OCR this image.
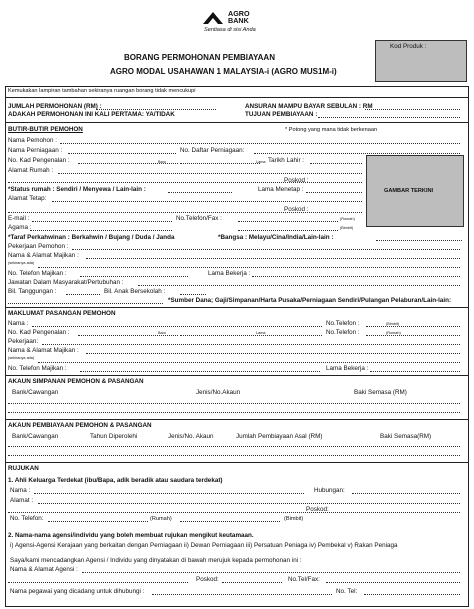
AGRO
BANK
Sentiasa di sisi Anda
Kod Produk :
BORANG PERMOHONAN PEMBIAYAAN
AGRO MODAL USAHAWAN 1 MALAYSIA-i (AGRO MUS1M-i)
Kemukakan lampiran tambahan sekiranya ruangan borang tidak mencukupi
JUMLAH PERMOHONAN (RM) :
ADAKAH PERMOHONAN INI KALI PERTAMA: YA/TIDAK
ANSURAN MAMPU BAYAR SEBULAN : RM
TUJUAN PEMBIAYAAN :
BUTIR-BUTIR PEMOHON	* Potong yang mana tidak berkenaan
Nama Pemohon :
Nama Perniagaan :	No. Daftar Perniagaan:
No. Kad Pengenalan :	Baru	Lama Tarikh Lahir :
Alamat Rumah :
Poskod :
*Status rumah : Sendiri / Menyewa / Lain-lain :	Lama Menetap :
Alamat Tetap:
Poskod :
GAMBAR TERKINI
E-mail :	No.Telefon/Fax :	(Rumah)
Agama :	(Bimbit)
*Taraf Perkahwinan : Berkahwin / Bujang / Duda / Janda	*Bangsa : Melayu/Cina/India/Lain-lain :
Pekerjaan Pemohon :
Nama & Alamat Majikan :
(sekiranya ada)
No. Telefon Majikan :	Lama Bekerja :
Jawatan Dalam Masyarakat/Pertubuhan :
Bil. Tanggungan :	Bil. Anak Bersekolah :
*Sumber Dana; Gaji/Simpanan/Harta Pusaka/Perniagaan Sendiri/Pulangan Pelaburan/Lain-lain:
MAKLUMAT PASANGAN PEMOHON
Nama :	No.Telefon :	(Bimbit)
No. Kad Pengenalan :	Baru	Lama	No.Telefon :	(Rumah)
Pekerjaan:
Nama & Alamat Majikan :
(sekiranya ada)
No. Telefon Majikan :	Lama Bekerja :
AKAUN SIMPANAN PEMOHON & PASANGAN
Bank/Cawangan	Jenis/No.Akaun	Baki Semasa (RM)
AKAUN PEMBIAYAAN PEMOHON & PASANGAN
Bank/Cawangan	Tahun Diperolehi	Jenis/No. Akaun	Jumlah Pembiayaan Asal (RM)	Baki Semasa(RM)
RUJUKAN
1. Ahli Keluarga Terdekat (ibu/Bapa, adik beradik atau saudara terdekat)
Nama :	Hubungan:
Alamat :
Poskod:
No. Telefon:	(Rumah)	(Bimbit)
2. Nama-nama agensi/individu yang boleh membuat rujukan mengikut keutamaan.
i) Agensi-Agensi Kerajaan yang berkaitan dengan Perniagaan ii) Dewan Perniagaan iii) Persatuan Peniaga iv) Pembekal v) Rakan Peniaga
Saya/kami mencadangkan Agensi / Individu yang dinyatakan di bawah merujuk kepada permohonan ini :
Nama & Alamat Agensi :
Poskod:	No.Tel/Fax:
Nama pegawai yang dicadang untuk dihubungi :	No. Tel:
